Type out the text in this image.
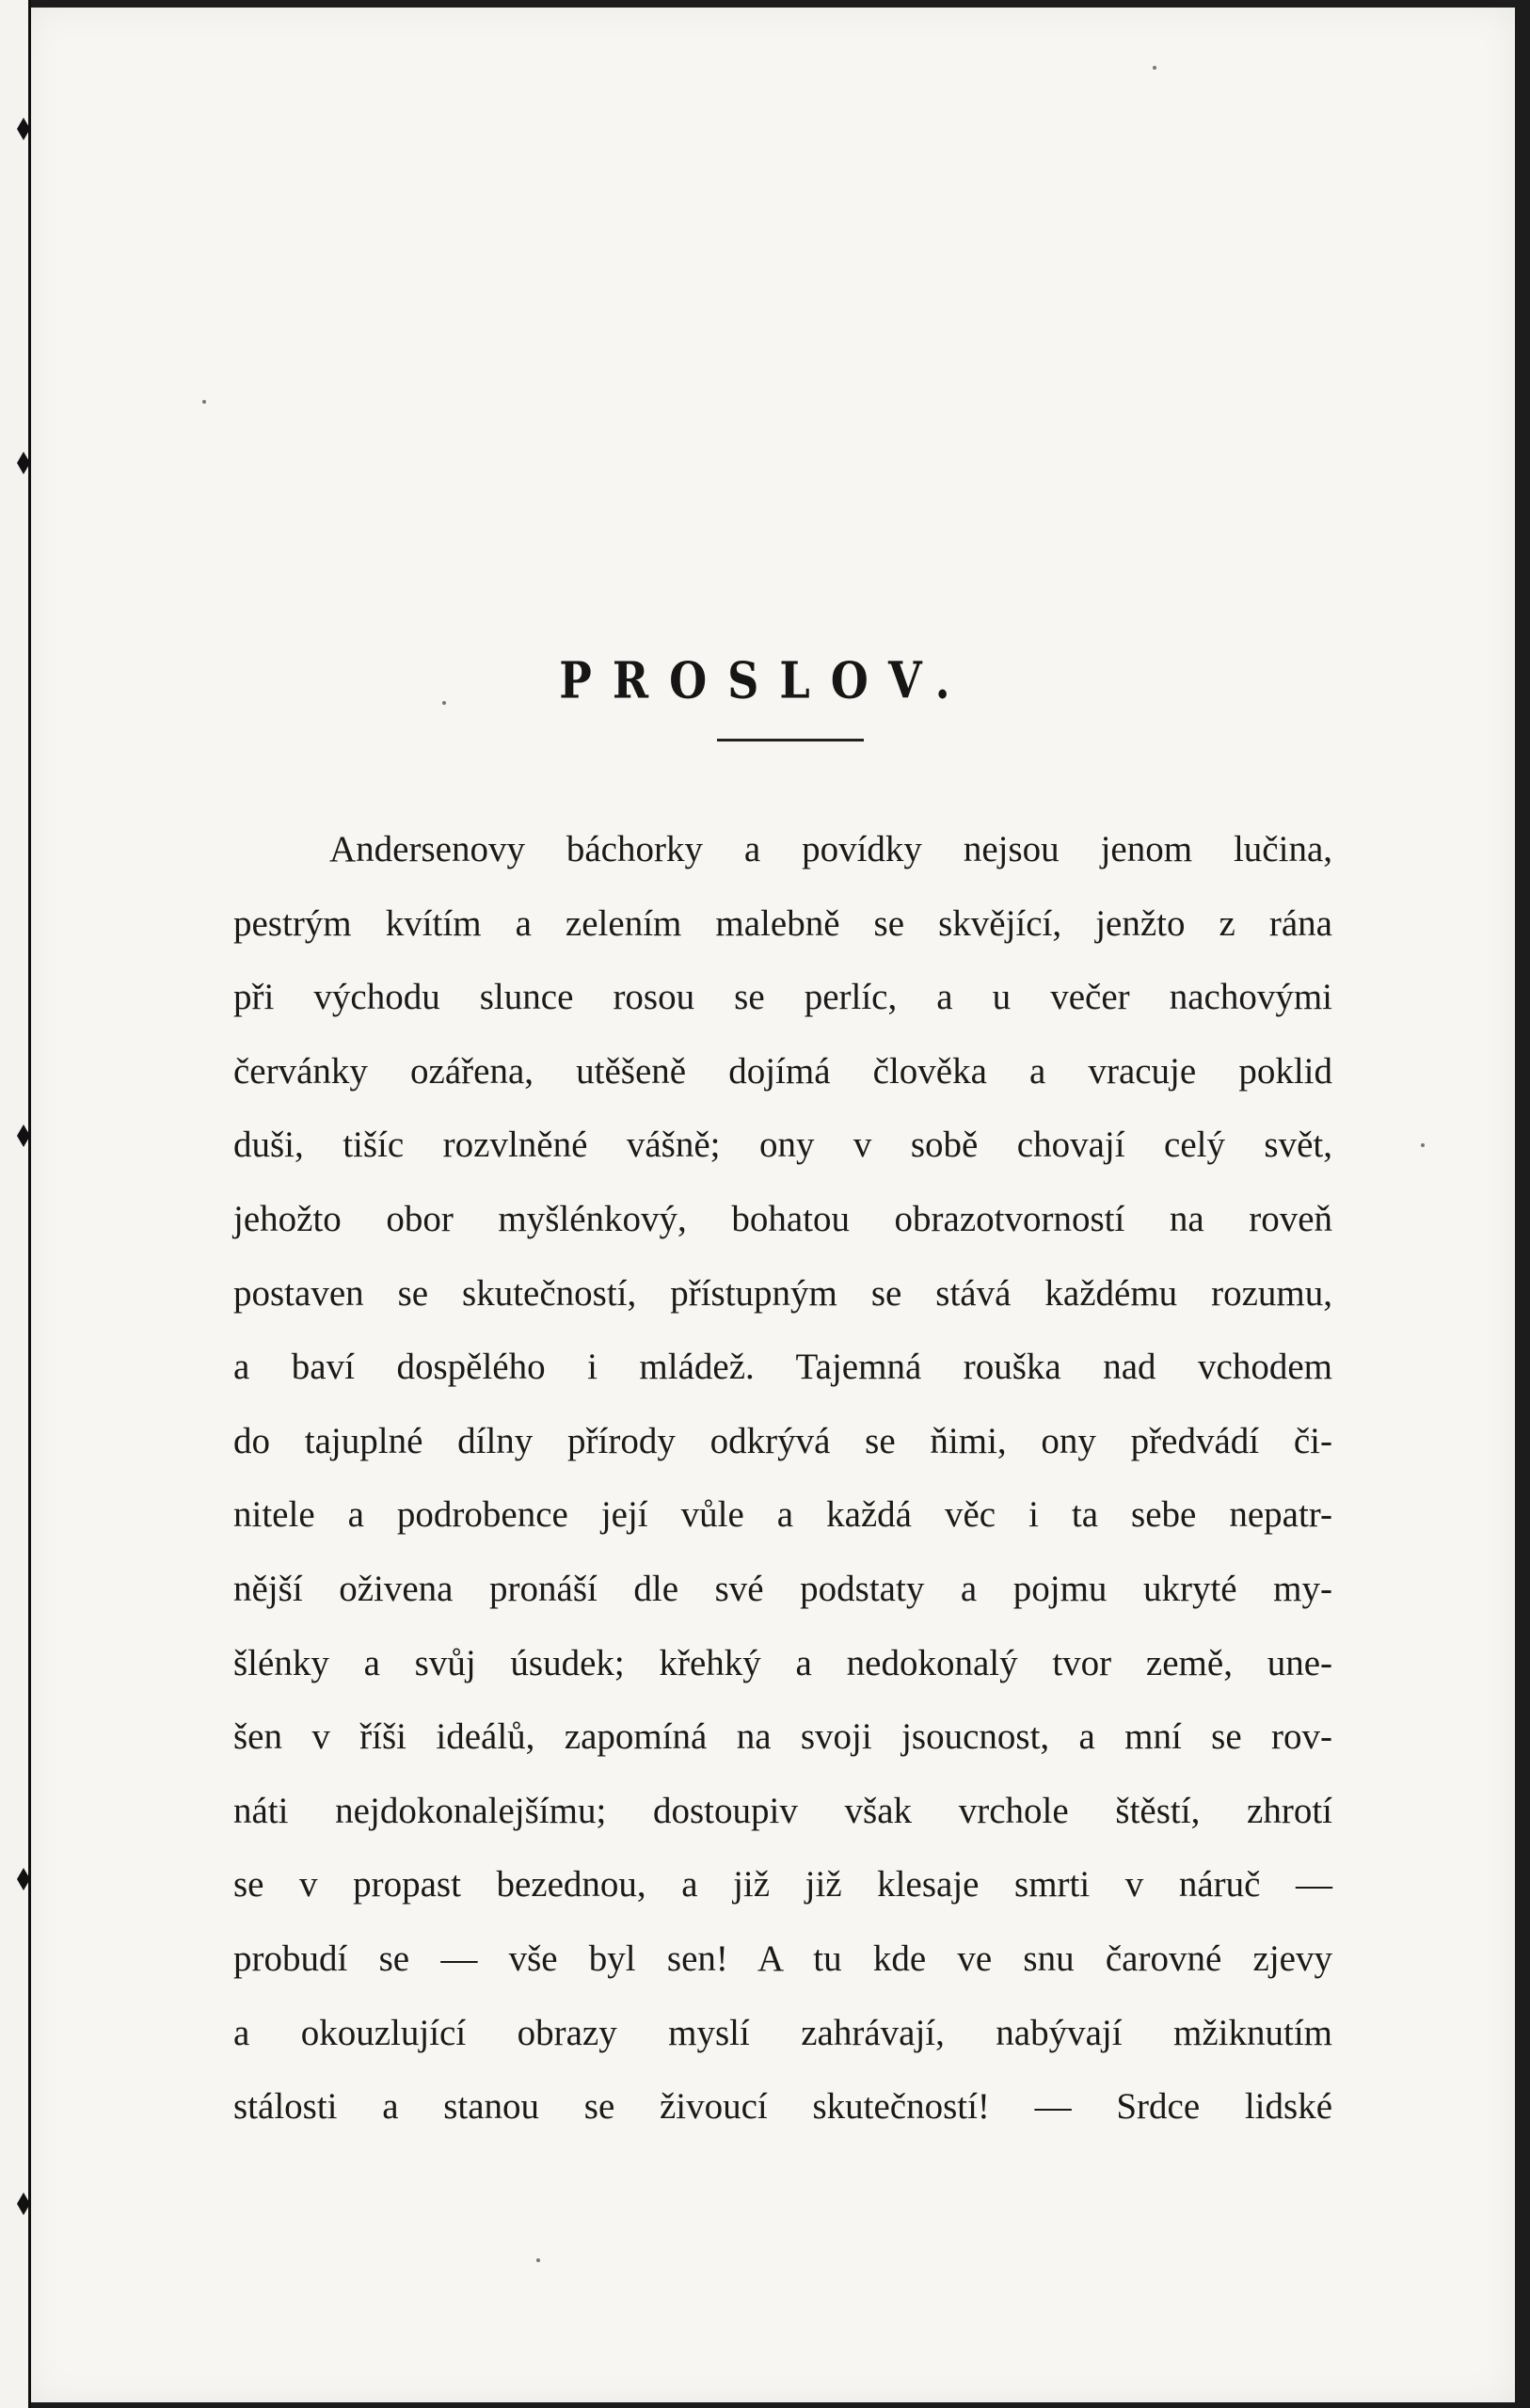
PROSLOV.
Andersenovy báchorky a povídky nejsou jenom lučina,
pestrým kvítím a zelením malebně se skvějící, jenžto z rána
při východu slunce rosou se perlíc, a u večer nachovými
červánky ozářena, utěšeně dojímá člověka a vracuje poklid
duši, tišíc rozvlněné vášně; ony v sobě chovají celý svět,
jehožto obor myšlénkový, bohatou obrazotvorností na roveň
postaven se skutečností, přístupným se stává každému rozumu,
a baví dospělého i mládež. Tajemná rouška nad vchodem
do tajuplné dílny přírody odkrývá se ňimi, ony předvádí či-
nitele a podrobence její vůle a každá věc i ta sebe nepatr-
nější oživena pronáší dle své podstaty a pojmu ukryté my-
šlénky a svůj úsudek; křehký a nedokonalý tvor země, une-
šen v říši ideálů, zapomíná na svoji jsoucnost, a mní se rov-
náti nejdokonalejšímu; dostoupiv však vrchole štěstí, zhrotí
se v propast bezednou, a již již klesaje smrti v náruč —
probudí se — vše byl sen! A tu kde ve snu čarovné zjevy
a okouzlující obrazy myslí zahrávají, nabývají mžiknutím
stálosti a stanou se živoucí skutečností! — Srdce lidské
